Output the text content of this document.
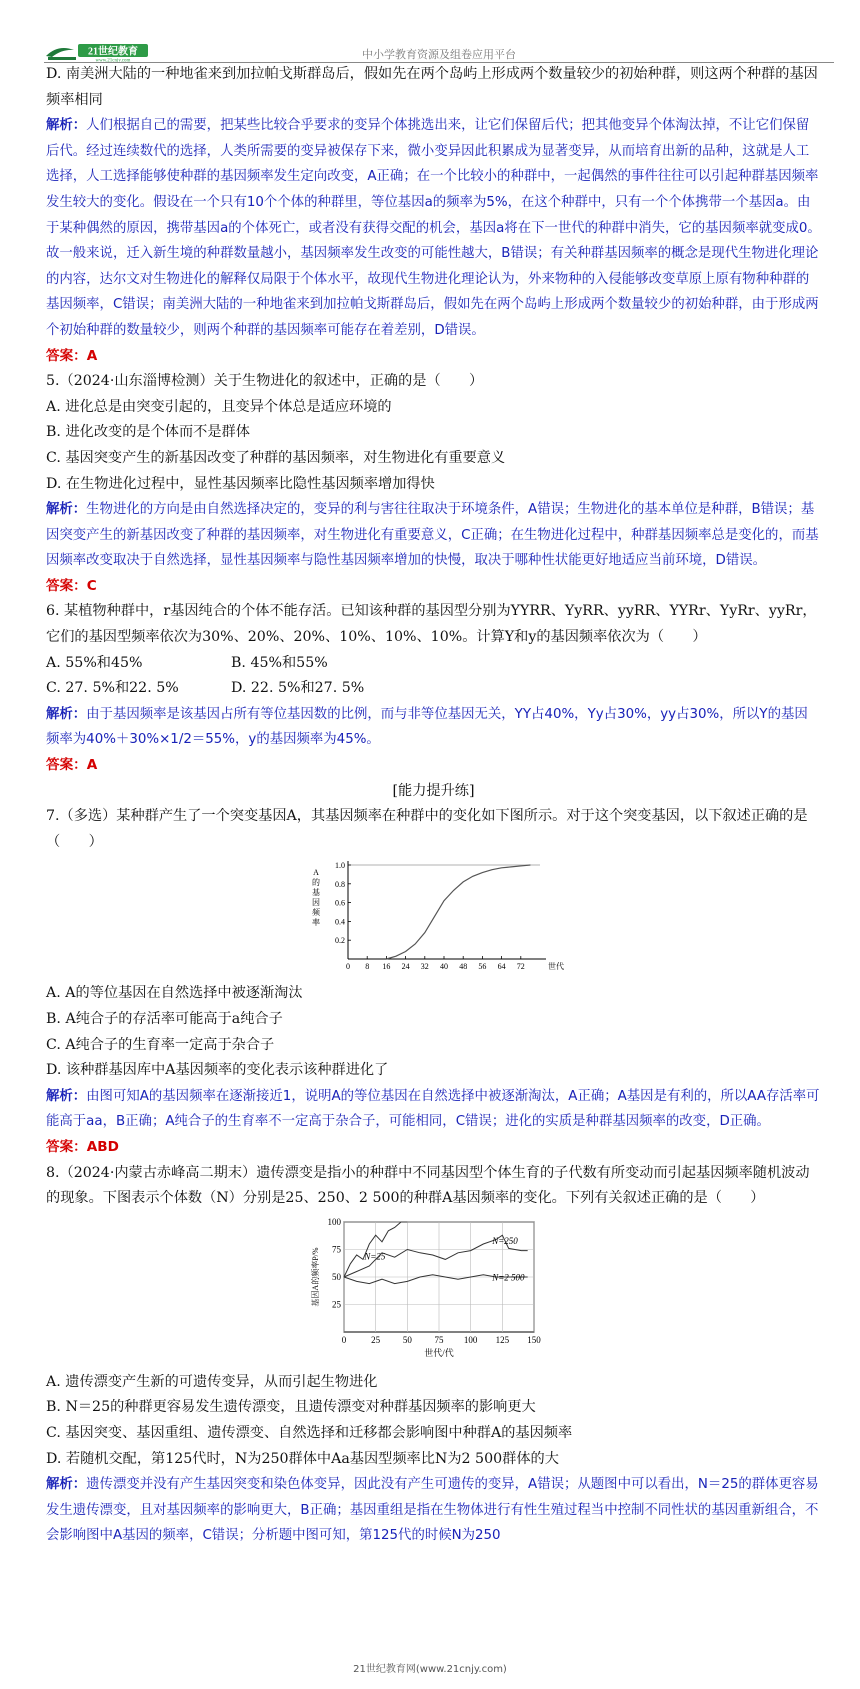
21世纪教育
www.21cnjy.com	中小学教育资源及组卷应用平台

D. 南美洲大陆的一种地雀来到加拉帕戈斯群岛后，假如先在两个岛屿上形成两个数量较少的初始种群，则这两个种群的基因频率相同

解析：人们根据自己的需要，把某些比较合乎要求的变异个体挑选出来，让它们保留后代；把其他变异个体淘汰掉，不让它们保留后代。经过连续数代的选择，人类所需要的变异被保存下来，微小变异因此积累成为显著变异，从而培育出新的品种，这就是人工选择，人工选择能够使种群的基因频率发生定向改变，A正确；在一个比较小的种群中，一起偶然的事件往往可以引起种群基因频率发生较大的变化。假设在一个只有10个个体的种群里，等位基因a的频率为5%，在这个种群中，只有一个个体携带一个基因a。由于某种偶然的原因，携带基因a的个体死亡，或者没有获得交配的机会，基因a将在下一世代的种群中消失，它的基因频率就变成0。故一般来说，迁入新生境的种群数量越小，基因频率发生改变的可能性越大，B错误；有关种群基因频率的概念是现代生物进化理论的内容，达尔文对生物进化的解释仅局限于个体水平，故现代生物进化理论认为，外来物种的入侵能够改变草原上原有物种种群的基因频率，C错误；南美洲大陆的一种地雀来到加拉帕戈斯群岛后，假如先在两个岛屿上形成两个数量较少的初始种群，由于形成两个初始种群的数量较少，则两个种群的基因频率可能存在着差别，D错误。

答案：A

5.（2024·山东淄博检测）关于生物进化的叙述中，正确的是（　　）

A. 进化总是由突变引起的，且变异个体总是适应环境的

B. 进化改变的是个体而不是群体

C. 基因突变产生的新基因改变了种群的基因频率，对生物进化有重要意义

D. 在生物进化过程中，显性基因频率比隐性基因频率增加得快

解析：生物进化的方向是由自然选择决定的，变异的利与害往往取决于环境条件，A错误；生物进化的基本单位是种群，B错误；基因突变产生的新基因改变了种群的基因频率，对生物进化有重要意义，C正确；在生物进化过程中，种群基因频率总是变化的，而基因频率改变取决于自然选择，显性基因频率与隐性基因频率增加的快慢，取决于哪种性状能更好地适应当前环境，D错误。

答案：C

6. 某植物种群中，r基因纯合的个体不能存活。已知该种群的基因型分别为YYRR、YyRR、yyRR、YYRr、YyRr、yyRr，它们的基因型频率依次为30%、20%、20%、10%、10%、10%。计算Y和y的基因频率依次为（　　）

A. 55%和45%	B. 45%和55%

C. 27. 5%和22. 5%	D. 22. 5%和27. 5%

解析：由于基因频率是该基因占所有等位基因数的比例，而与非等位基因无关，YY占40%，Yy占30%，yy占30%，所以Y的基因频率为40%＋30%×1/2＝55%，y的基因频率为45%。

答案：A

[能力提升练]

7.（多选）某种群产生了一个突变基因A，其基因频率在种群中的变化如下图所示。对于这个突变基因，以下叙述正确的是（　　）

0 8 16 24 32 40 48 56 64 72
0.2
0.4
0.6
0.8
1.0
世代
A 的基因频率

A. A的等位基因在自然选择中被逐渐淘汰

B. A纯合子的存活率可能高于a纯合子

C. A纯合子的生育率一定高于杂合子

D. 该种群基因库中A基因频率的变化表示该种群进化了

解析：由图可知A的基因频率在逐渐接近1，说明A的等位基因在自然选择中被逐渐淘汰，A正确；A基因是有利的，所以AA存活率可能高于aa，B正确；A纯合子的生育率不一定高于杂合子，可能相同，C错误；进化的实质是种群基因频率的改变，D正确。

答案：ABD

8.（2024·内蒙古赤峰高二期末）遗传漂变是指小的种群中不同基因型个体生育的子代数有所变动而引起基因频率随机波动的现象。下图表示个体数（N）分别是25、250、2 500的种群A基因频率的变化。下列有关叙述正确的是（　　）

0	25	50	75 100 125 150
25
50
75
100
世代/代
基因A的频率P/%	N=25
N=250
N=2 500

A. 遗传漂变产生新的可遗传变异，从而引起生物进化

B. N＝25的种群更容易发生遗传漂变，且遗传漂变对种群基因频率的影响更大

C. 基因突变、基因重组、遗传漂变、自然选择和迁移都会影响图中种群A的基因频率

D. 若随机交配，第125代时，N为250群体中Aa基因型频率比N为2 500群体的大

解析：遗传漂变并没有产生基因突变和染色体变异，因此没有产生可遗传的变异，A错误；从题图中可以看出，N＝25的群体更容易发生遗传漂变，且对基因频率的影响更大，B正确；基因重组是指在生物体进行有性生殖过程当中控制不同性状的基因重新组合，不会影响图中A基因的频率，C错误；分析题中图可知，第125代的时候N为250

21世纪教育网(www.21cnjy.com)
